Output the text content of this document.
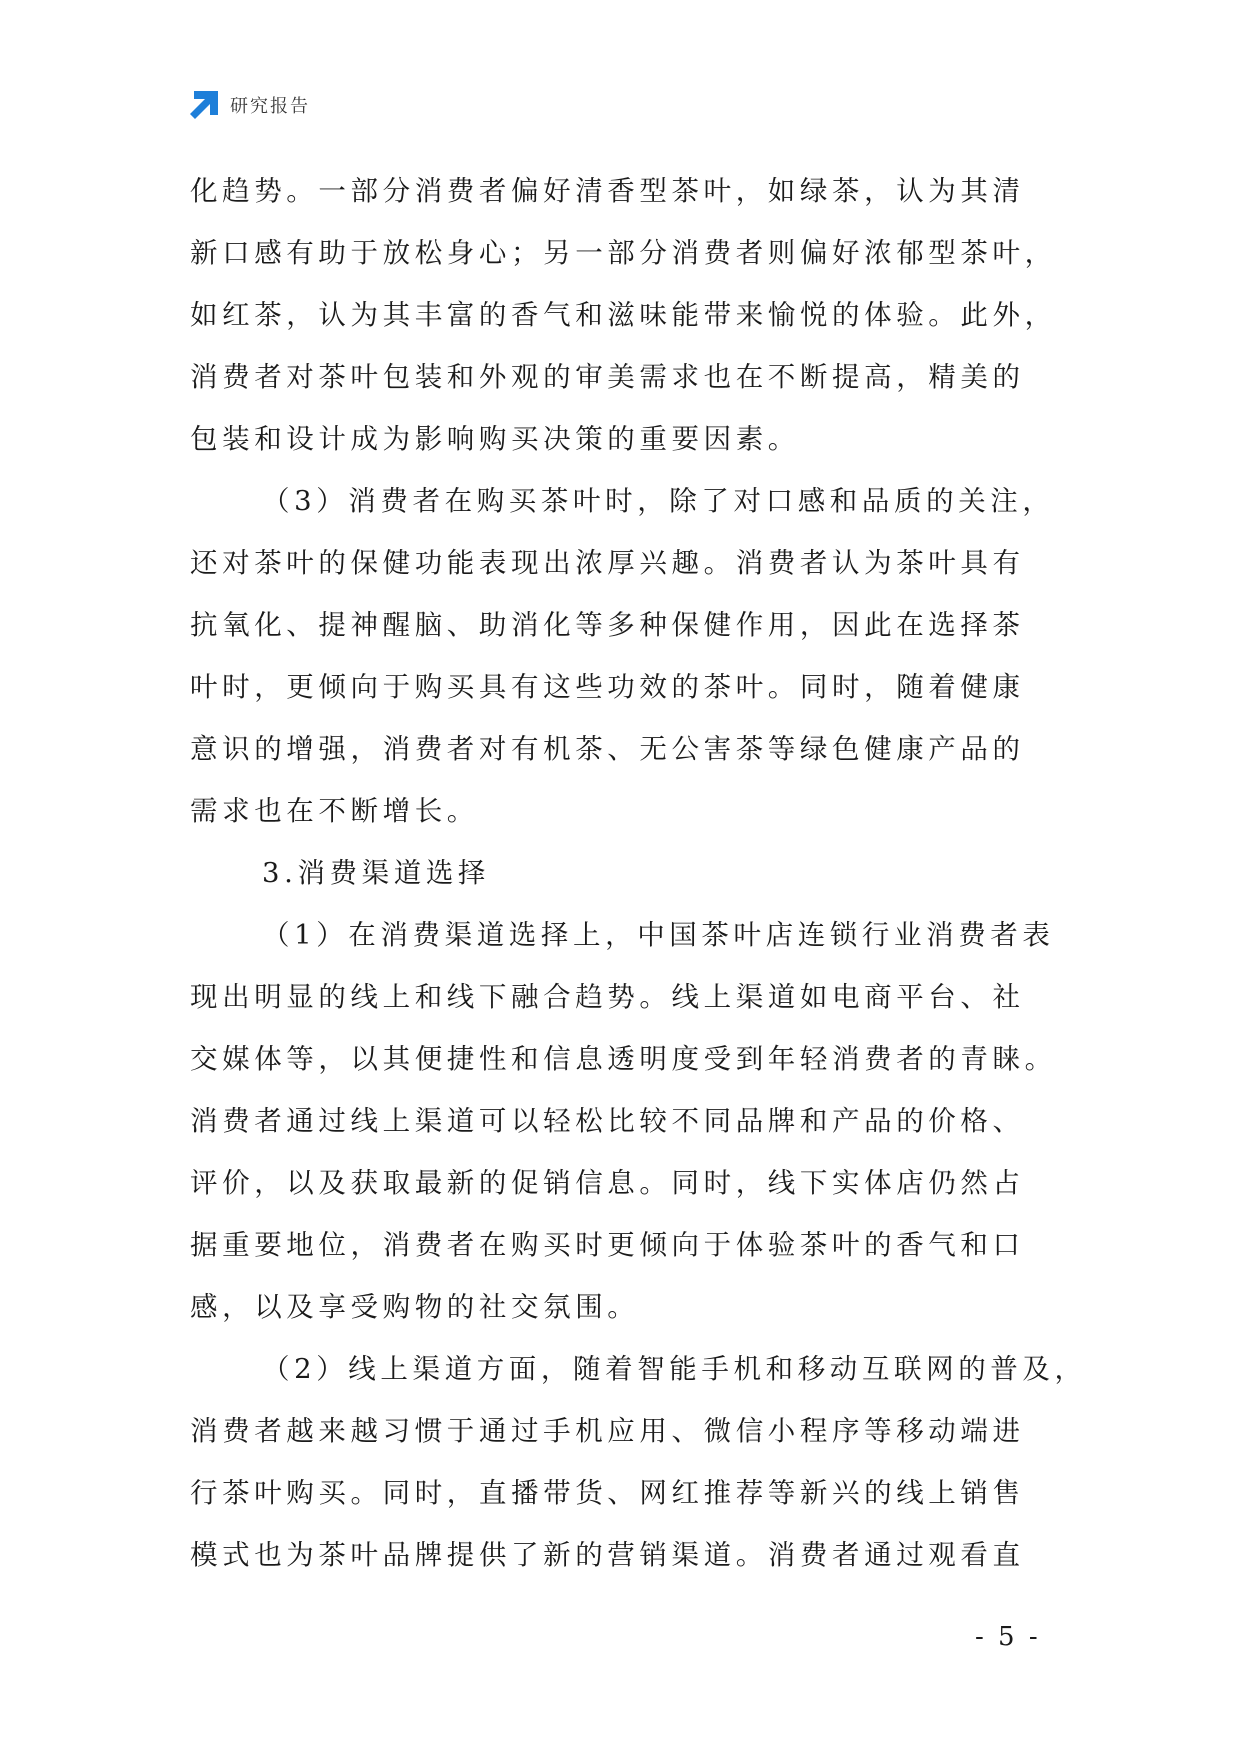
研究报告
化趋势。一部分消费者偏好清香型茶叶，如绿茶，认为其清
新口感有助于放松身心；另一部分消费者则偏好浓郁型茶叶，
如红茶，认为其丰富的香气和滋味能带来愉悦的体验。此外，
消费者对茶叶包装和外观的审美需求也在不断提高，精美的
包装和设计成为影响购买决策的重要因素。
（3）消费者在购买茶叶时，除了对口感和品质的关注，
还对茶叶的保健功能表现出浓厚兴趣。消费者认为茶叶具有
抗氧化、提神醒脑、助消化等多种保健作用，因此在选择茶
叶时，更倾向于购买具有这些功效的茶叶。同时，随着健康
意识的增强，消费者对有机茶、无公害茶等绿色健康产品的
需求也在不断增长。
3.消费渠道选择
（1）在消费渠道选择上，中国茶叶店连锁行业消费者表
现出明显的线上和线下融合趋势。线上渠道如电商平台、社
交媒体等，以其便捷性和信息透明度受到年轻消费者的青睐。
消费者通过线上渠道可以轻松比较不同品牌和产品的价格、
评价，以及获取最新的促销信息。同时，线下实体店仍然占
据重要地位，消费者在购买时更倾向于体验茶叶的香气和口
感，以及享受购物的社交氛围。
（2）线上渠道方面，随着智能手机和移动互联网的普及，
消费者越来越习惯于通过手机应用、微信小程序等移动端进
行茶叶购买。同时，直播带货、网红推荐等新兴的线上销售
模式也为茶叶品牌提供了新的营销渠道。消费者通过观看直
- 5 -
